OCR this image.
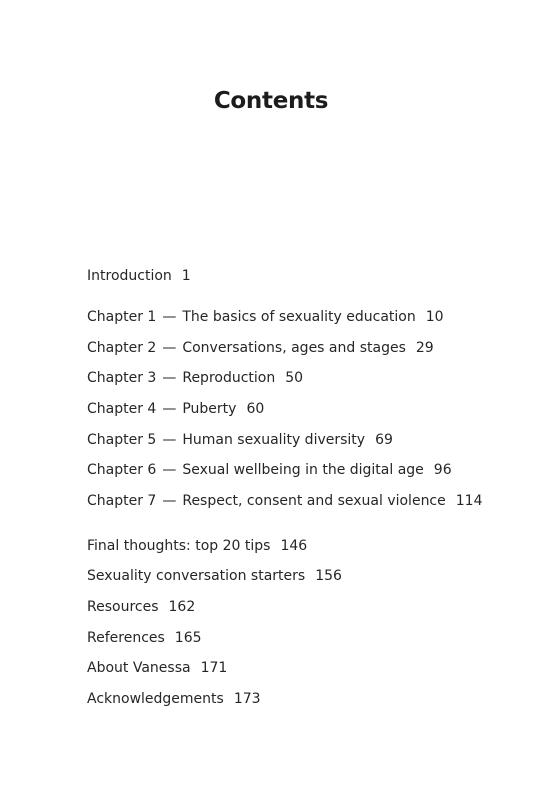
Contents
Introduction 1
Chapter 1 — The basics of sexuality education 10
Chapter 2 — Conversations, ages and stages 29
Chapter 3 — Reproduction 50
Chapter 4 — Puberty 60
Chapter 5 — Human sexuality diversity 69
Chapter 6 — Sexual wellbeing in the digital age 96
Chapter 7 — Respect, consent and sexual violence 114
Final thoughts: top 20 tips 146
Sexuality conversation starters 156
Resources 162
References 165
About Vanessa 171
Acknowledgements 173
